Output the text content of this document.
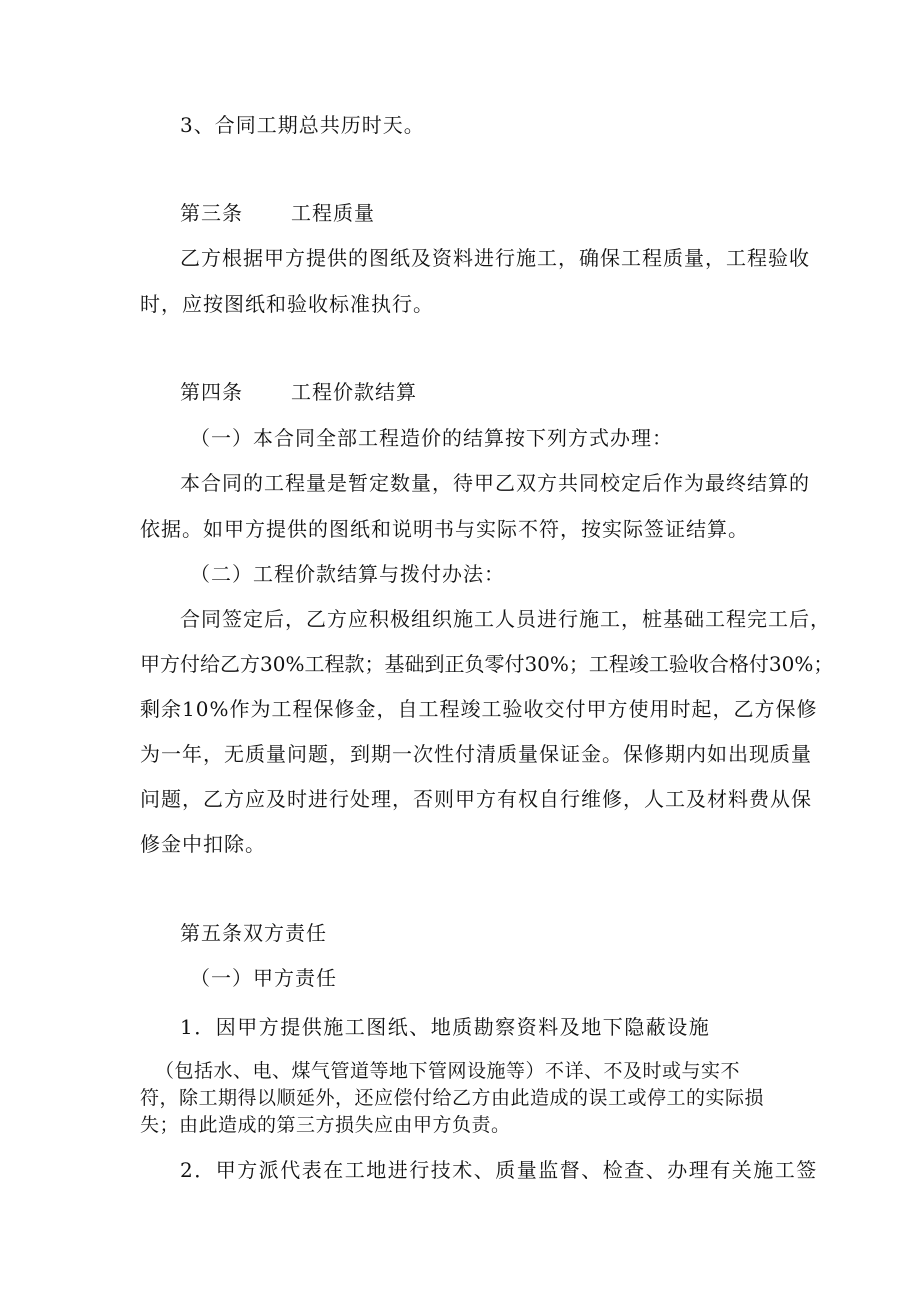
3、合同工期总共历时天。
第三条 工程质量
乙方根据甲方提供的图纸及资料进行施工，确保工程质量，工程验收
时，应按图纸和验收标准执行。
第四条 工程价款结算
（一）本合同全部工程造价的结算按下列方式办理：
本合同的工程量是暂定数量，待甲乙双方共同校定后作为最终结算的
依据。如甲方提供的图纸和说明书与实际不符，按实际签证结算。
（二）工程价款结算与拨付办法：
合同签定后，乙方应积极组织施工人员进行施工，桩基础工程完工后，
甲方付给乙方30%工程款；基础到正负零付30%；工程竣工验收合格付30%；
剩余10%作为工程保修金，自工程竣工验收交付甲方使用时起，乙方保修
为一年，无质量问题，到期一次性付清质量保证金。保修期内如出现质量
问题，乙方应及时进行处理，否则甲方有权自行维修，人工及材料费从保
修金中扣除。
第五条双方责任
（一）甲方责任
1．因甲方提供施工图纸、地质勘察资料及地下隐蔽设施
（包括水、电、煤气管道等地下管网设施等）不详、不及时或与实不
符，除工期得以顺延外，还应偿付给乙方由此造成的误工或停工的实际损
失；由此造成的第三方损失应由甲方负责。
2．甲方派代表在工地进行技术、质量监督、检查、办理有关施工签
